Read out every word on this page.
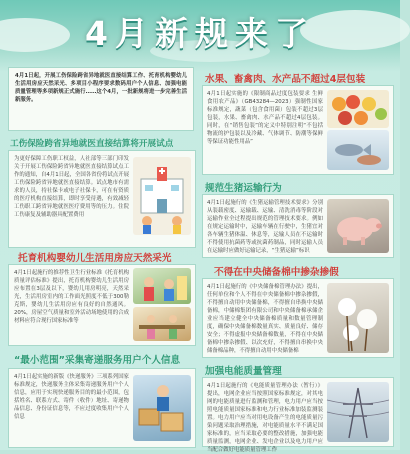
4月新规来了

4月1日起，开展工伤保险跨省异地就医直接结算工作、托育机构婴幼儿生活用房应天然采光、多项目小程序要求数码用户个人信息、加强电能质量管理等多项新规正式施行……这个4月，一批新规将进一步完善生活新服务。

工伤保险跨省异地就医直接结算将开展试点

为更好保障工伤职工权益，人社部等三部门印发关于开展工伤保险跨省异地就医直接结算试点工作的通知，自4月1日起，全国各省份将试点开展工伤保险跨省异地就医直接结算。试点地市有需求的人员，持社保卡或电子社保卡，可在有资质的医疗机构直接结算，即时享受待遇，有效减轻工伤职工跨省异地就医医疗费用等的压力。住院工伤康复及辅助器具配置费用

托育机构婴幼儿生活用房应天然采光

4月1日起施行的推荐性卫生行业标准《托育机构质量评估标准》提出，托育机构婴幼儿生活用房应布置在3层及以下，婴幼儿用房明亮，天然采光，生活用房室内的工作面光照度不低于300勒克斯，婴幼儿生活用房应有良好的自然通风。20%，房屋空气质量和室外活动场地使用的合成材料应符合现行国家标准等

“最小范围”采集寄递服务用户个人信息

4月1日起实施的新版《快递服务》三项系列国家标准规定，快递服务主体采集寄递服务用户个人信息，应用于实现快递服务目的的最小范围，包括姓名、联系方式、寄件（收件）地址、寄递物品信息、身份证信息等，不应过度收集用户个人信息

水果、畜禽肉、水产品不超过4层包装

4月1日起实施的《限制商品过度包装要求 生鲜食用农产品》（GB43284—2023）强制性国家标准规定，蔬菜（包含食用菌）包装不超过3层包装，水果、畜禽肉、水产品不超过4层包装。同时，在“销售包装”的定义中特别注明“不包括物流的护包装以及冷藏、气体调节、防潮等保鲜等保证功能性用品”

规范生猪运输行为

4月1日起施行的《生猪运输管理技术要求》分别从装载密度、运输载、运输、清洗消毒等阶段对运输作业全过程提出规范的管理技术要求。例如在规定运输时中，运输车辆在行驶中，生猪宜对各车辆生猪体温、休息等，运输人员在不运输时不得使用抗菌药等或抗菌药制品，同时运输人员在运输时应做好运输记录，“生猪运输”标识

不得在中央储备棉中掺杂掺假

4月1日起施行的《中央储备棉管理办法》提出，任何单位和个人不得在中央储备棉中掺杂掺假，不得擅自动用中央储备棉，不得擅自串换中央储备棉，中储棉集团有限公司和中央储备棉承储企业应当建立健全中央储备棉质量和数量管理制度，确保中央储备棉数量真实、质量良好、储存安全；不得虚报中央储备棉数量，不得在中央储备棉中掺杂掺假、以次充好，不得擅自串换中央储备棉品种，不得擅自动用中央储备棉

加强电能质量管理

4月1日起施行的《电能质量管理办法（暂行）》提出，电网企业应当按照国家标准规定，对其电网的电能质量进行监测和管理，电力用户应当按照电能质量国家标准和电力行业标准加装监测装置。电力用户应当对用电设备产生的电能质量污染问题采取治理措施，对电能质量水平不满足国家标准的，应当采取必要的整改措施，加强电能质量监测，电网企业、发电企业以及电力用户应当配合做好电能质量管理工作
